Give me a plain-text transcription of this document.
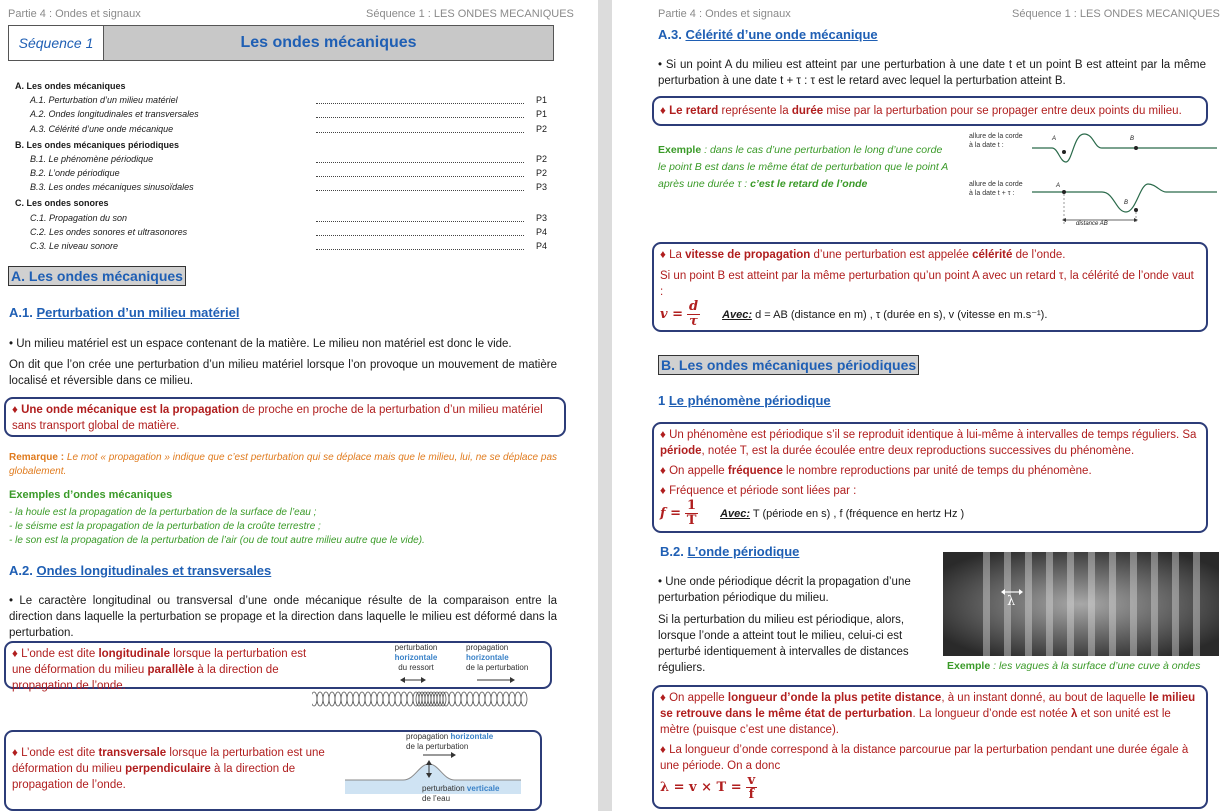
Partie 4 : Ondes et signaux	Séquence 1 : LES ONDES MECANIQUES
Séquence 1	Les ondes mécaniques
A. Les ondes mécaniques
A.1. Perturbation d’un milieu matériel	P1
A.2. Ondes longitudinales et transversales	P1
A.3. Célérité d’une onde mécanique	P2
B. Les ondes mécaniques périodiques
B.1. Le phénomène périodique	P2
B.2. L’onde périodique	P2
B.3. Les ondes mécaniques sinusoïdales	P3
C. Les ondes sonores
C.1. Propagation du son	P3
C.2. Les ondes sonores et ultrasonores	P4
C.3. Le niveau sonore	P4
A. Les ondes mécaniques
A.1. Perturbation d’un milieu matériel
• Un milieu matériel est un espace contenant de la matière. Le milieu non matériel est donc le vide.
On dit que l’on crée une perturbation d’un milieu matériel lorsque l’on provoque un mouvement de matière localisé et réversible dans ce milieu.
♦ Une onde mécanique est la propagation de proche en proche de la perturbation d’un milieu matériel sans transport global de matière.
Remarque : Le mot « propagation » indique que c’est perturbation qui se déplace mais que le milieu, lui, ne se déplace pas globalement.
Exemples d’ondes mécaniques
- la houle est la propagation de la perturbation de la surface de l’eau ;
- le séisme est la propagation de la perturbation de la croûte terrestre ;
- le son est la propagation de la perturbation de l’air (ou de tout autre milieu autre que le vide).
A.2. Ondes longitudinales et transversales
• Le caractère longitudinal ou transversal d’une onde mécanique résulte de la comparaison entre la direction dans laquelle la perturbation se propage et la direction dans laquelle le milieu est déformé dans la perturbation.
♦ L’onde est dite longitudinale lorsque la perturbation est une déformation du milieu parallèle à la direction de propagation de l’onde.
perturbation
horizontale
du ressort
propagation
horizontale
de la perturbation
♦ L’onde est dite transversale lorsque la perturbation est une déformation du milieu perpendiculaire à la direction de propagation de l’onde.
propagation horizontale
de la perturbation
perturbation verticale
de l’eau
Partie 4 : Ondes et signaux	Séquence 1 : LES ONDES MECANIQUES
A.3. Célérité d’une onde mécanique
• Si un point A du milieu est atteint par une perturbation à une date t et un point B est atteint par la même perturbation à une date t + τ : τ est le retard avec lequel la perturbation atteint B.
♦ Le retard représente la durée mise par la perturbation pour se propager entre deux points du milieu.
Exemple : dans le cas d’une perturbation le long d’une corde
le point B est dans le même état de perturbation que le point A
après une durée τ : c’est le retard de l’onde
allure de la corde
à la date t :
allure de la corde
à la date t + τ :
A	B
A
B
distance AB
♦ La vitesse de propagation d’une perturbation est appelée célérité de l’onde.
Si un point B est atteint par la même perturbation qu’un point A avec un retard τ, la célérité de l’onde vaut :
$v = \frac{d}{\tau}$ Avec: d = AB (distance en m) , τ (durée en s), v (vitesse en m.s⁻¹).
B. Les ondes mécaniques périodiques
1 Le phénomène périodique
♦ Un phénomène est périodique s’il se reproduit identique à lui-même à intervalles de temps réguliers. Sa période, notée T, est la durée écoulée entre deux reproductions successives du phénomène.
♦ On appelle fréquence le nombre reproductions par unité de temps du phénomène.
♦ Fréquence et période sont liées par :
$f = \frac{1}{T}$ Avec: T (période en s) , f (fréquence en hertz Hz )
B.2. L’onde périodique
• Une onde périodique décrit la propagation d’une perturbation périodique du milieu.
Si la perturbation du milieu est périodique, alors, lorsque l’onde a atteint tout le milieu, celui-ci est perturbé identiquement à intervalles de distances réguliers.
λ
Exemple : les vagues à la surface d’une cuve à ondes
♦ On appelle longueur d’onde la plus petite distance, à un instant donné, au bout de laquelle le milieu se retrouve dans le même état de perturbation. La longueur d’onde est notée λ et son unité est le mètre (puisque c’est une distance).
♦ La longueur d’onde correspond à la distance parcourue par la perturbation pendant une durée égale à une période. On a donc
$\lambda = v \times T = \frac{v}{f}$
